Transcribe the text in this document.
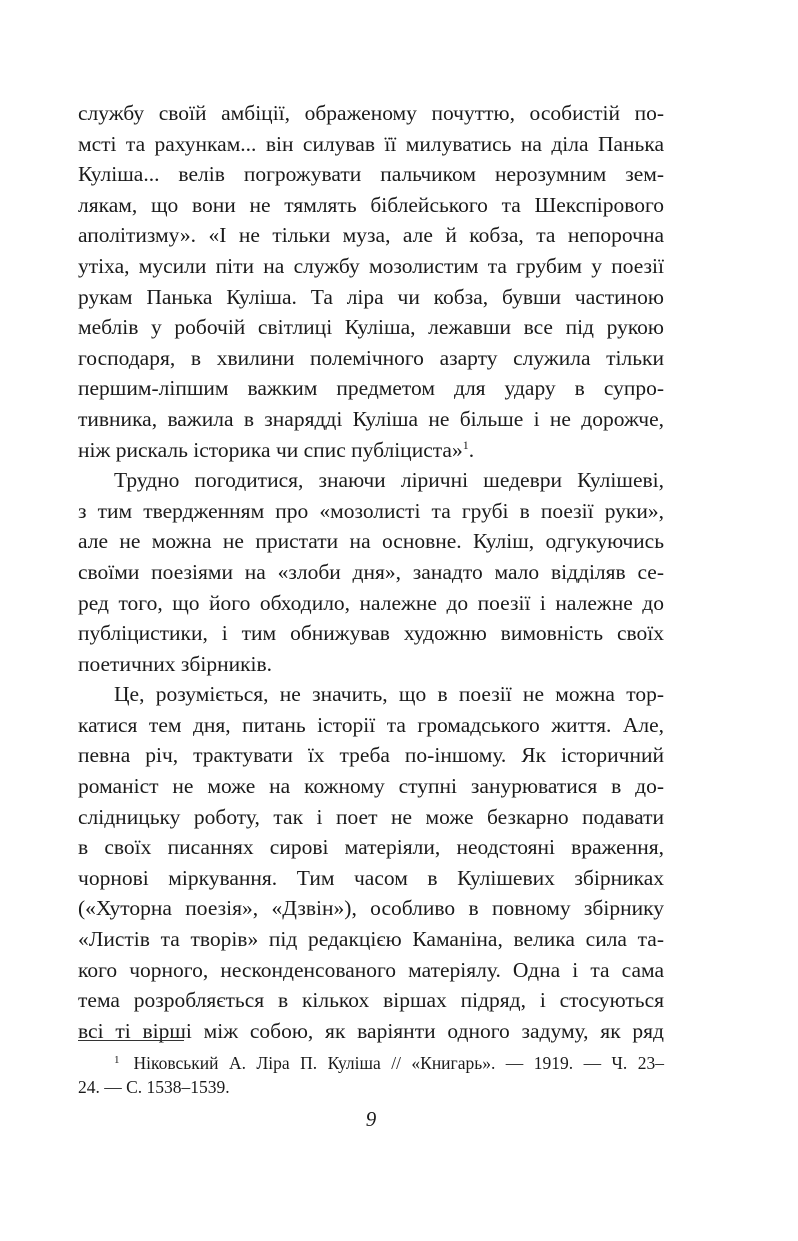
службу своїй амбіції, ображеному почуттю, особистій по-
мсті та рахункам... він силував її милуватись на діла Панька
Куліша... велів погрожувати пальчиком нерозумним зем-
лякам, що вони не тямлять біблейського та Шекспірового
аполітизму». «І не тільки муза, але й кобза, та непорочна
утіха, мусили піти на службу мозолистим та грубим у поезії
рукам Панька Куліша. Та ліра чи кобза, бувши частиною
меблів у робочій світлиці Куліша, лежавши все під рукою
господаря, в хвилини полемічного азарту служила тільки
першим-ліпшим важким предметом для удару в супро-
тивника, важила в знарядді Куліша не більше і не дорожче,
ніж рискаль історика чи спис публіциста»$^1$.
Трудно погодитися, знаючи ліричні шедеври Кулішеві,
з тим твердженням про «мозолисті та грубі в поезії руки»,
але не можна не пристати на основне. Куліш, одгукуючись
своїми поезіями на «злоби дня», занадто мало відділяв се-
ред того, що його обходило, належне до поезії і належне до
публіцистики, і тим обнижував художню вимовність своїх
поетичних збірників.
Це, розуміється, не значить, що в поезії не можна тор-
катися тем дня, питань історії та громадського життя. Але,
певна річ, трактувати їх треба по-іншому. Як історичний
романіст не може на кожному ступні занурюватися в до-
слідницьку роботу, так і поет не може безкарно подавати
в своїх писаннях сирові матеріяли, неодстояні враження,
чорнові міркування. Тим часом в Кулішевих збірниках
(«Хуторна поезія», «Дзвін»), особливо в повному збірнику
«Листів та творів» під редакцією Каманіна, велика сила та-
кого чорного, несконденсованого матеріялу. Одна і та сама
тема розробляється в кількох віршах підряд, і стосуються
всі ті вірші між собою, як варіянти одного задуму, як ряд
1 Ніковський А. Ліра П. Куліша // «Книгарь». — 1919. — Ч. 23–
24. — С. 1538–1539.
9
